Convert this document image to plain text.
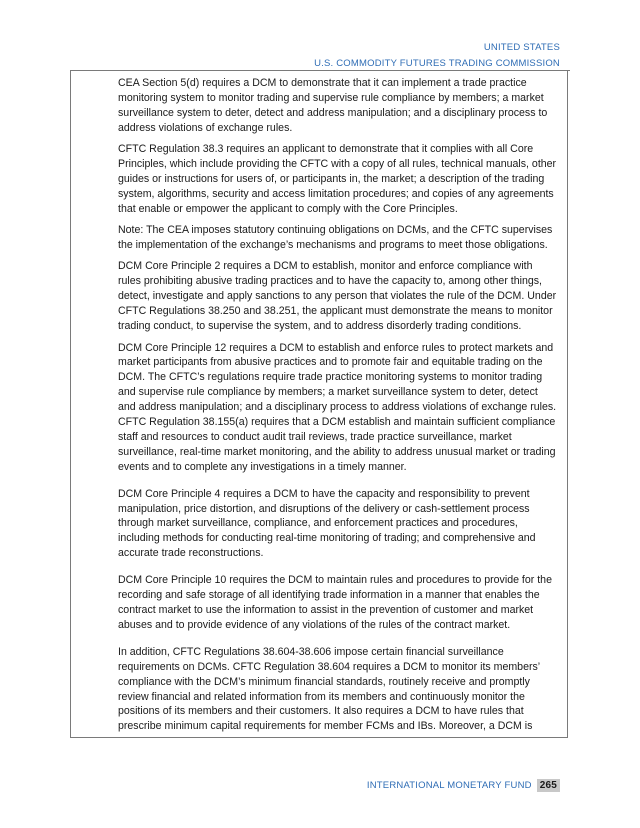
UNITED STATES
U.S. COMMODITY FUTURES TRADING COMMISSION

CEA Section 5(d) requires a DCM to demonstrate that it can implement a trade practice monitoring system to monitor trading and supervise rule compliance by members; a market surveillance system to deter, detect and address manipulation; and a disciplinary process to address violations of exchange rules.

CFTC Regulation 38.3 requires an applicant to demonstrate that it complies with all Core Principles, which include providing the CFTC with a copy of all rules, technical manuals, other guides or instructions for users of, or participants in, the market; a description of the trading system, algorithms, security and access limitation procedures; and copies of any agreements that enable or empower the applicant to comply with the Core Principles.

Note: The CEA imposes statutory continuing obligations on DCMs, and the CFTC supervises the implementation of the exchange’s mechanisms and programs to meet those obligations.

DCM Core Principle 2 requires a DCM to establish, monitor and enforce compliance with rules prohibiting abusive trading practices and to have the capacity to, among other things, detect, investigate and apply sanctions to any person that violates the rule of the DCM. Under CFTC Regulations 38.250 and 38.251, the applicant must demonstrate the means to monitor trading conduct, to supervise the system, and to address disorderly trading conditions.

DCM Core Principle 12 requires a DCM to establish and enforce rules to protect markets and market participants from abusive practices and to promote fair and equitable trading on the DCM. The CFTC’s regulations require trade practice monitoring systems to monitor trading and supervise rule compliance by members; a market surveillance system to deter, detect and address manipulation; and a disciplinary process to address violations of exchange rules. CFTC Regulation 38.155(a) requires that a DCM establish and maintain sufficient compliance staff and resources to conduct audit trail reviews, trade practice surveillance, market surveillance, real-time market monitoring, and the ability to address unusual market or trading events and to complete any investigations in a timely manner.

DCM Core Principle 4 requires a DCM to have the capacity and responsibility to prevent manipulation, price distortion, and disruptions of the delivery or cash-settlement process through market surveillance, compliance, and enforcement practices and procedures, including methods for conducting real-time monitoring of trading; and comprehensive and accurate trade reconstructions.

DCM Core Principle 10 requires the DCM to maintain rules and procedures to provide for the recording and safe storage of all identifying trade information in a manner that enables the contract market to use the information to assist in the prevention of customer and market abuses and to provide evidence of any violations of the rules of the contract market.

In addition, CFTC Regulations 38.604-38.606 impose certain financial surveillance requirements on DCMs. CFTC Regulation 38.604 requires a DCM to monitor its members’ compliance with the DCM’s minimum financial standards, routinely receive and promptly review financial and related information from its members and continuously monitor the positions of its members and their customers. It also requires a DCM to have rules that prescribe minimum capital requirements for member FCMs and IBs. Moreover, a DCM is

INTERNATIONAL MONETARY FUND 265
